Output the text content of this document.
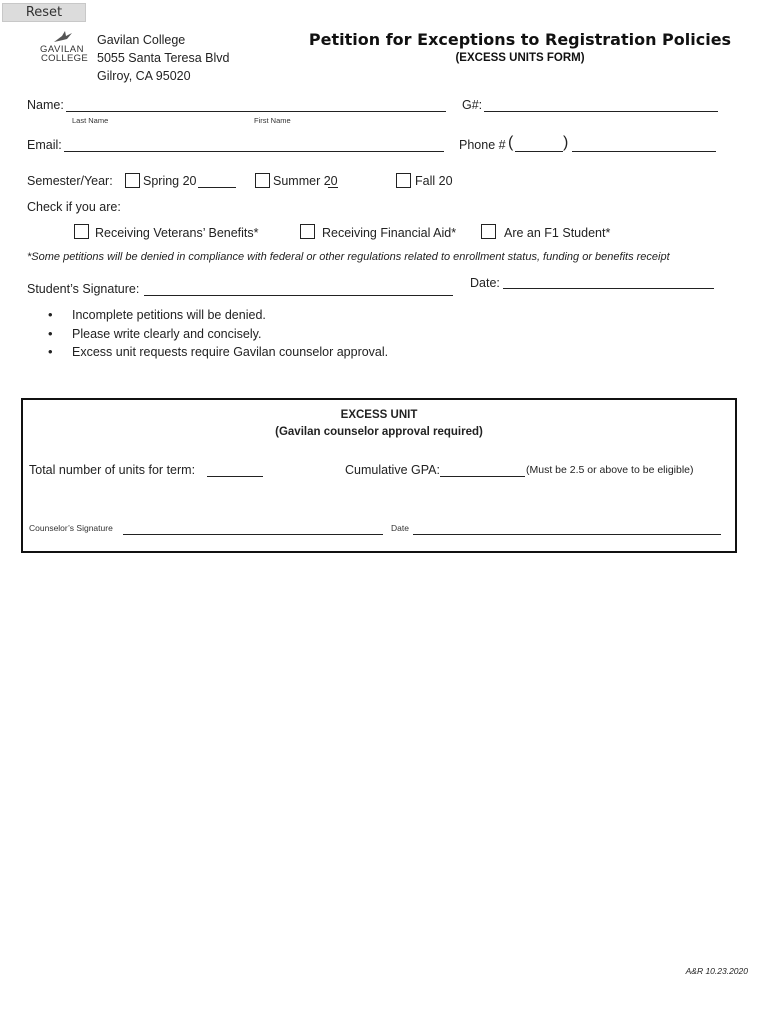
Reset
GAVILAN
COLLEGE
Gavilan College
5055 Santa Teresa Blvd
Gilroy, CA 95020
Petition for Exceptions to Registration Policies
(EXCESS UNITS FORM)
Name:
Last Name	First Name
G#:
Email:	Phone # (	)
Semester/Year: Spring 20	Summer 20	Fall 20
Check if you are:
Receiving Veterans’ Benefits*	Receiving Financial Aid*	Are an F1 Student*
*Some petitions will be denied in compliance with federal or other regulations related to enrollment status, funding or benefits receipt
Student’s Signature:	Date:
• Incomplete petitions will be denied.
• Please write clearly and concisely.
• Excess unit requests require Gavilan counselor approval.
EXCESS UNIT
(Gavilan counselor approval required)
Total number of units for term:	Cumulative GPA:	(Must be 2.5 or above to be eligible)
Counselor’s Signature	Date
A&R 10.23.2020
